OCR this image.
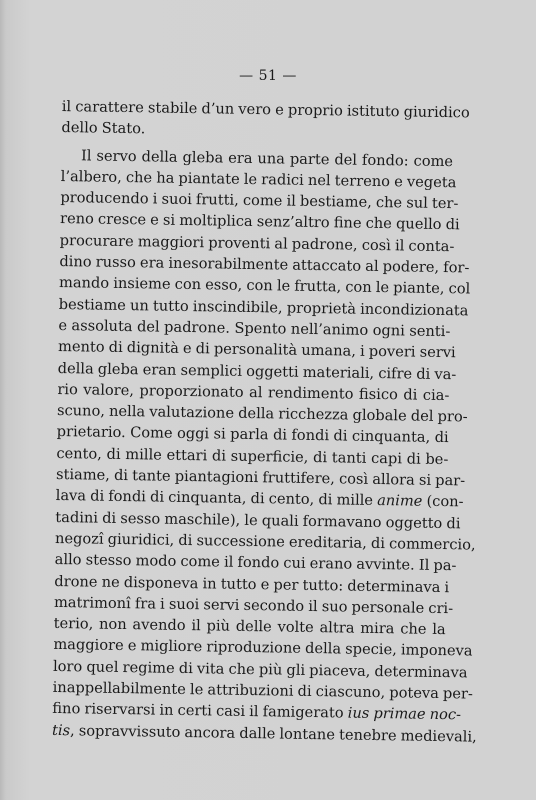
— 51 —
il carattere stabile d’un vero e proprio istituto giuridico
dello Stato.
Il servo della gleba era una parte del fondo: come
l’albero, che ha piantate le radici nel terreno e vegeta
producendo i suoi frutti, come il bestiame, che sul ter-
reno cresce e si moltiplica senz’altro fine che quello di
procurare maggiori proventi al padrone, così il conta-
dino russo era inesorabilmente attaccato al podere, for-
mando insieme con esso, con le frutta, con le piante, col
bestiame un tutto inscindibile, proprietà incondizionata
e assoluta del padrone. Spento nell’animo ogni senti-
mento di dignità e di personalità umana, i poveri servi
della gleba eran semplici oggetti materiali, cifre di va-
rio valore, proporzionato al rendimento fisico di cia-
scuno, nella valutazione della ricchezza globale del pro-
prietario. Come oggi si parla di fondi di cinquanta, di
cento, di mille ettari di superficie, di tanti capi di be-
stiame, di tante piantagioni fruttifere, così allora si par-
lava di fondi di cinquanta, di cento, di mille anime (con-
tadini di sesso maschile), le quali formavano oggetto di
negozî giuridici, di successione ereditaria, di commercio,
allo stesso modo come il fondo cui erano avvinte. Il pa-
drone ne disponeva in tutto e per tutto: determinava i
matrimonî fra i suoi servi secondo il suo personale cri-
terio, non avendo il più delle volte altra mira che la
maggiore e migliore riproduzione della specie, imponeva
loro quel regime di vita che più gli piaceva, determinava
inappellabilmente le attribuzioni di ciascuno, poteva per-
fino riservarsi in certi casi il famigerato ius primae noc-
tis, sopravvissuto ancora dalle lontane tenebre medievali,
